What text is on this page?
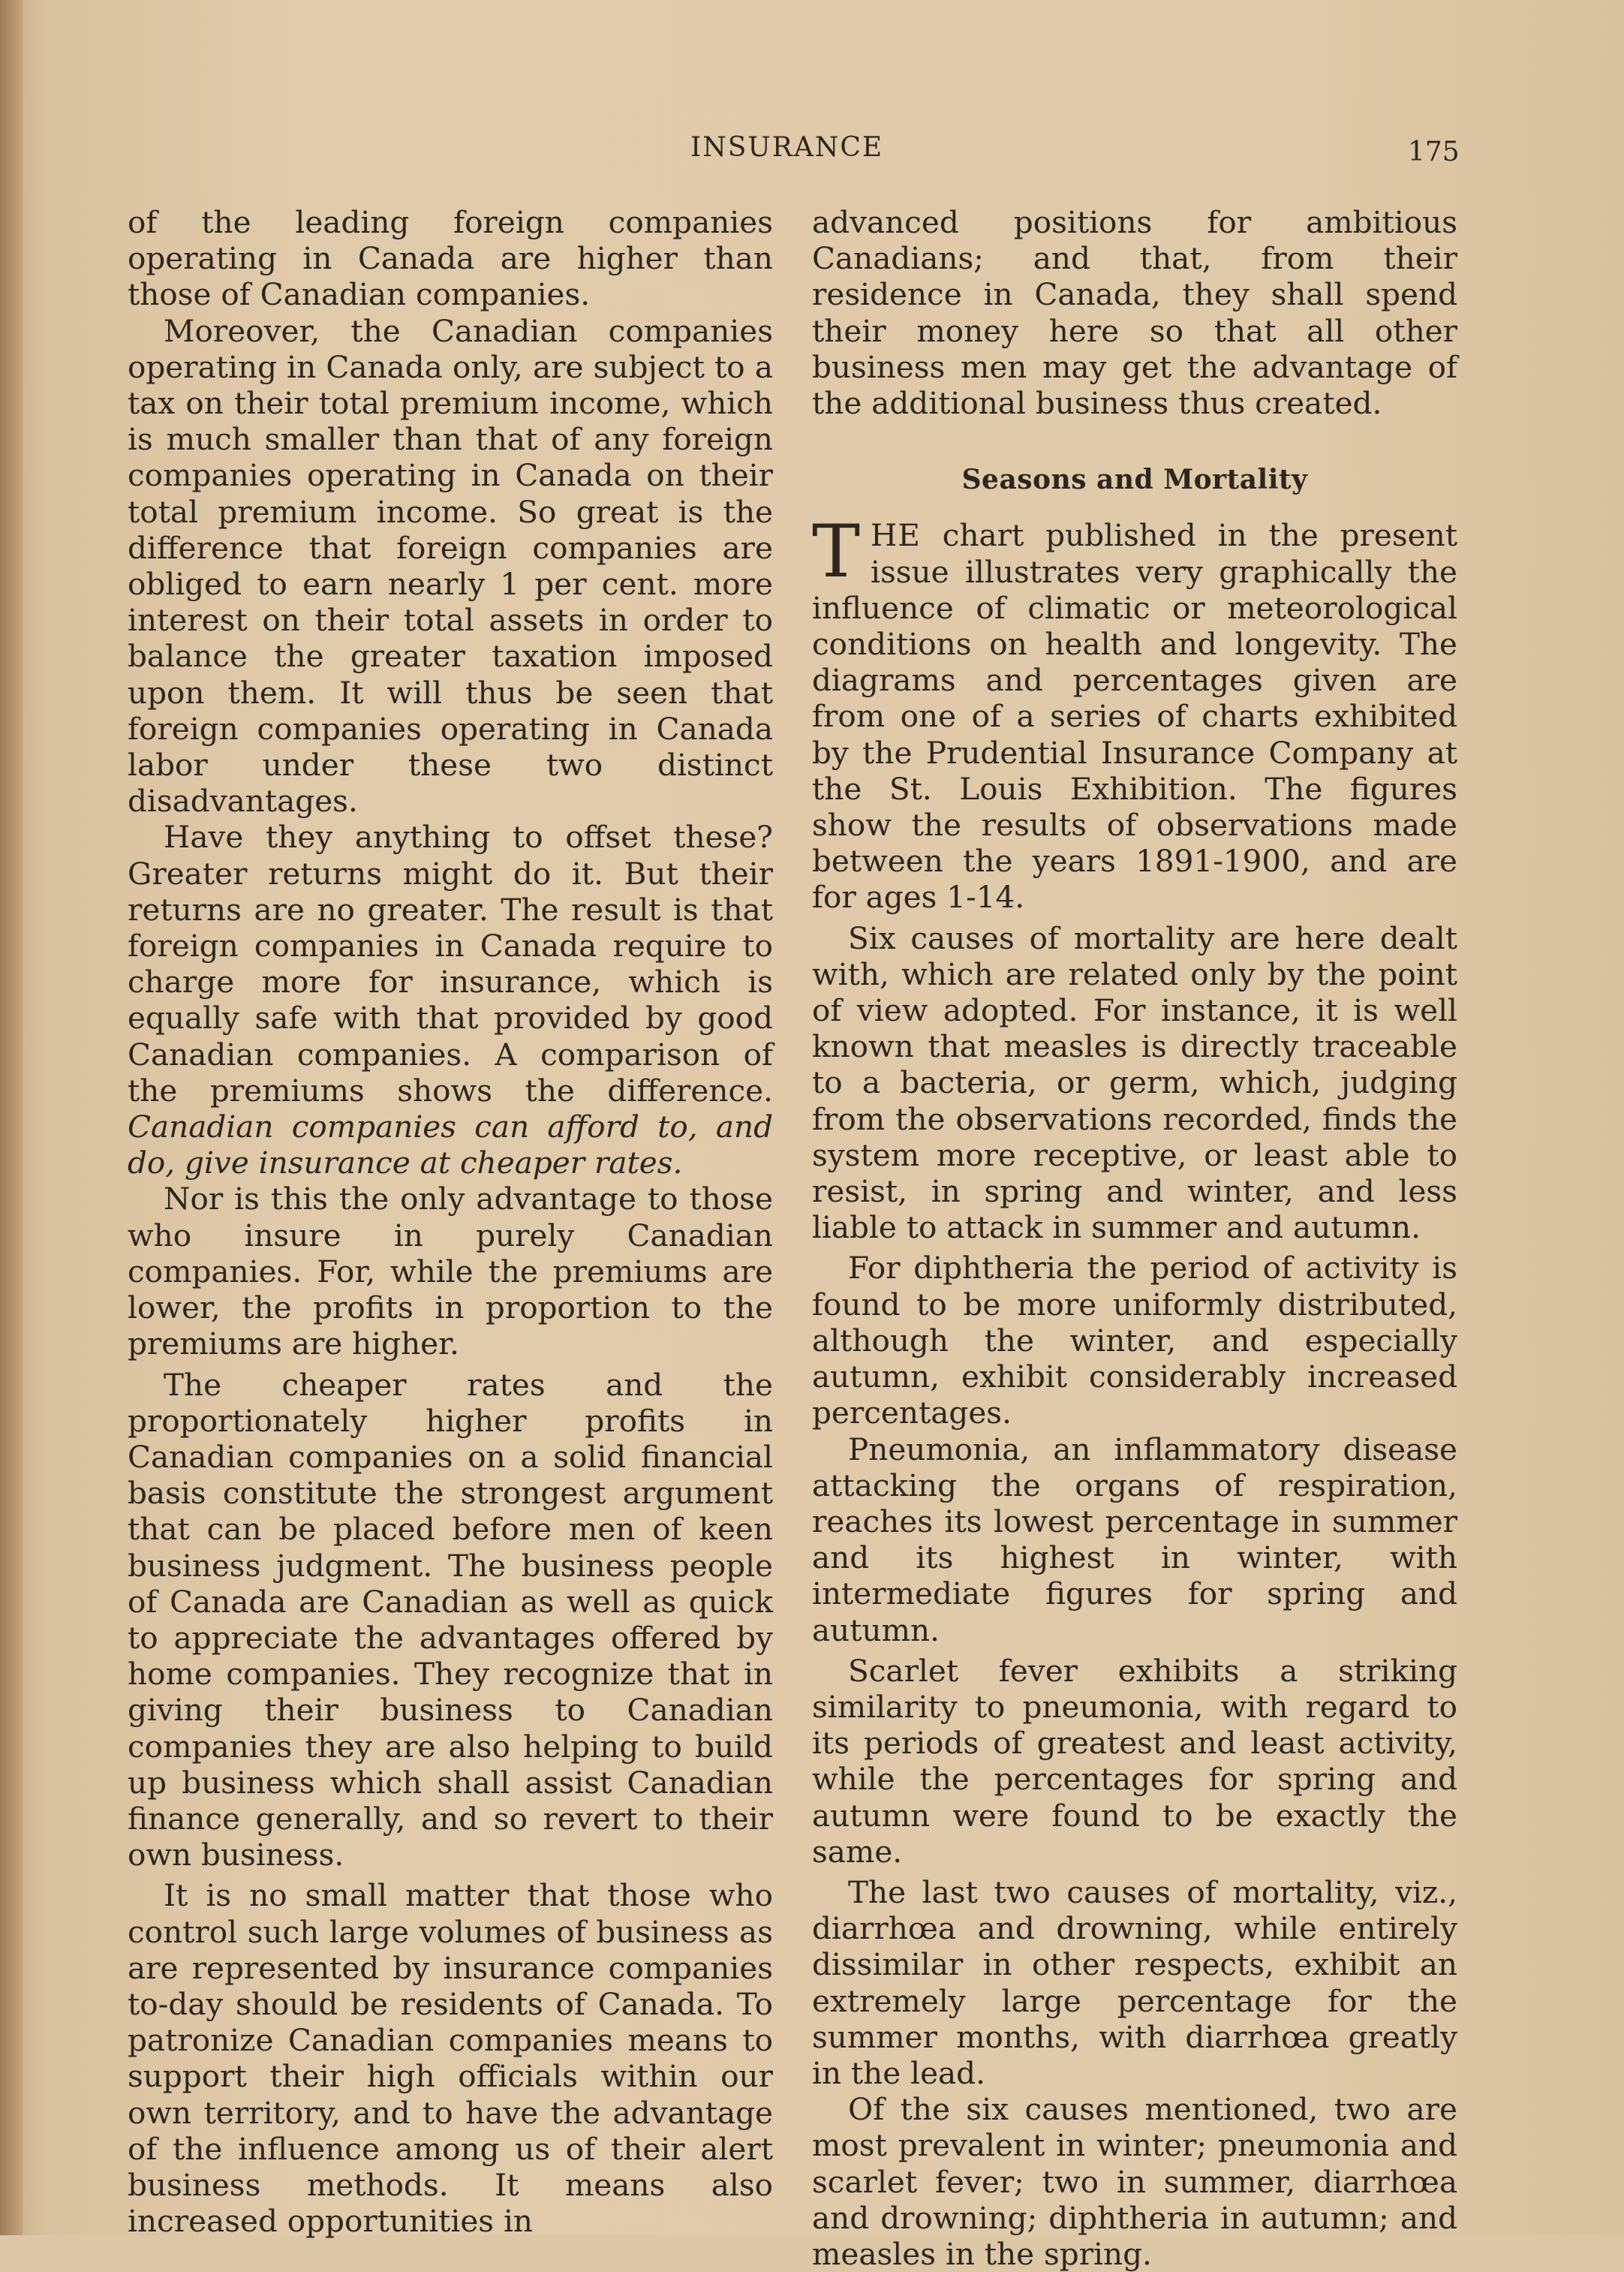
INSURANCE	175

of the leading foreign companies operating in Canada are higher than those of Canadian companies.

Moreover, the Canadian companies operating in Canada only, are subject to a tax on their total premium income, which is much smaller than that of any foreign companies operating in Canada on their total premium income. So great is the difference that foreign companies are obliged to earn nearly 1 per cent. more interest on their total assets in order to balance the greater taxation imposed upon them. It will thus be seen that foreign companies operating in Canada labor under these two distinct disadvantages.

Have they anything to offset these? Greater returns might do it. But their returns are no greater. The result is that foreign companies in Canada require to charge more for insurance, which is equally safe with that provided by good Canadian companies. A comparison of the premiums shows the difference. Canadian companies can afford to, and do, give insurance at cheaper rates.

Nor is this the only advantage to those who insure in purely Canadian companies. For, while the premiums are lower, the profits in proportion to the premiums are higher.

The cheaper rates and the proportionately higher profits in Canadian companies on a solid financial basis constitute the strongest argument that can be placed before men of keen business judgment. The business people of Canada are Canadian as well as quick to appreciate the advantages offered by home companies. They recognize that in giving their business to Canadian companies they are also helping to build up business which shall assist Canadian finance generally, and so revert to their own business.

It is no small matter that those who control such large volumes of business as are represented by insurance companies to-day should be residents of Canada. To patronize Canadian companies means to support their high officials within our own territory, and to have the advantage of the influence among us of their alert business methods. It means also increased opportunities in

advanced positions for ambitious Canadians; and that, from their residence in Canada, they shall spend their money here so that all other business men may get the advantage of the additional business thus created.

Seasons and Mortality

THE chart published in the present issue illustrates very graphically the influence of climatic or meteorological conditions on health and longevity. The diagrams and percentages given are from one of a series of charts exhibited by the Prudential Insurance Company at the St. Louis Exhibition. The figures show the results of observations made between the years 1891-1900, and are for ages 1-14.

Six causes of mortality are here dealt with, which are related only by the point of view adopted. For instance, it is well known that measles is directly traceable to a bacteria, or germ, which, judging from the observations recorded, finds the system more receptive, or least able to resist, in spring and winter, and less liable to attack in summer and autumn.

For diphtheria the period of activity is found to be more uniformly distributed, although the winter, and especially autumn, exhibit considerably increased percentages.

Pneumonia, an inflammatory disease attacking the organs of respiration, reaches its lowest percentage in summer and its highest in winter, with intermediate figures for spring and autumn.

Scarlet fever exhibits a striking similarity to pneumonia, with regard to its periods of greatest and least activity, while the percentages for spring and autumn were found to be exactly the same.

The last two causes of mortality, viz., diarrhœa and drowning, while entirely dissimilar in other respects, exhibit an extremely large percentage for the summer months, with diarrhœa greatly in the lead.

Of the six causes mentioned, two are most prevalent in winter; pneumonia and scarlet fever; two in summer, diarrhœa and drowning; diphtheria in autumn; and measles in the spring.
